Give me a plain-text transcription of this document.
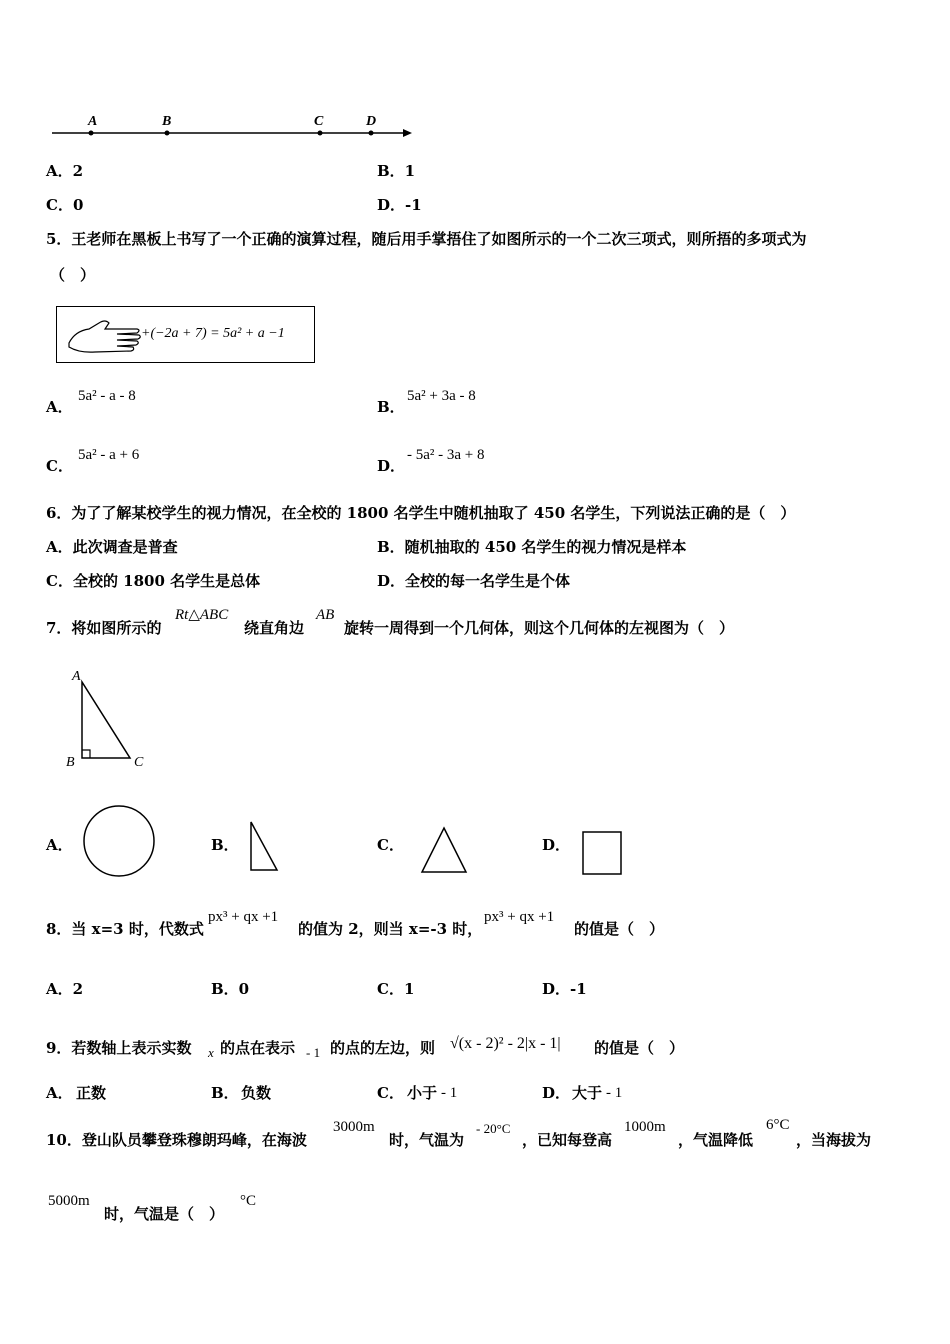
A	B	C	D
A．2	B．1
C．0	D．-1
5．王老师在黑板上书写了一个正确的演算过程，随后用手掌捂住了如图所示的一个二次三项式，则所捂的多项式为
（　）
+(−2a + 7) = 5a² + a −1
A．
5a² - a - 8
B．
5a² + 3a - 8
C．
5a² - a + 6
D．
- 5a² - 3a + 8
6．为了了解某校学生的视力情况，在全校的 1800 名学生中随机抽取了 450 名学生，下列说法正确的是（　）
A．此次调查是普查	B．随机抽取的 450 名学生的视力情况是样本
C．全校的 1800 名学生是总体	D．全校的每一名学生是个体
7．将如图所示的
Rt△ABC
绕直角边
AB
旋转一周得到一个几何体，则这个几何体的左视图为（　）
A
B	C
A．	B．	C．	D．
8．当 x=3 时，代数式
px³ + qx +1
的值为 2，则当 x=-3 时，
px³ + qx +1
的值是（　）
A．2	B．0	C．1	D．-1
9．若数轴上表示实数 x 的点在表示 - 1 的点的左边，则 √(x - 2)² - 2|x - 1| 的值是（　）
A． 正数	B． 负数	C． 小于 - 1	D． 大于 - 1
10．登山队员攀登珠穆朗玛峰，在海波
3000m
时，气温为
- 20°C
，已知每登高
1000m
，气温降低
6°C
，当海拔为
5000m
时，气温是（　）
°C
